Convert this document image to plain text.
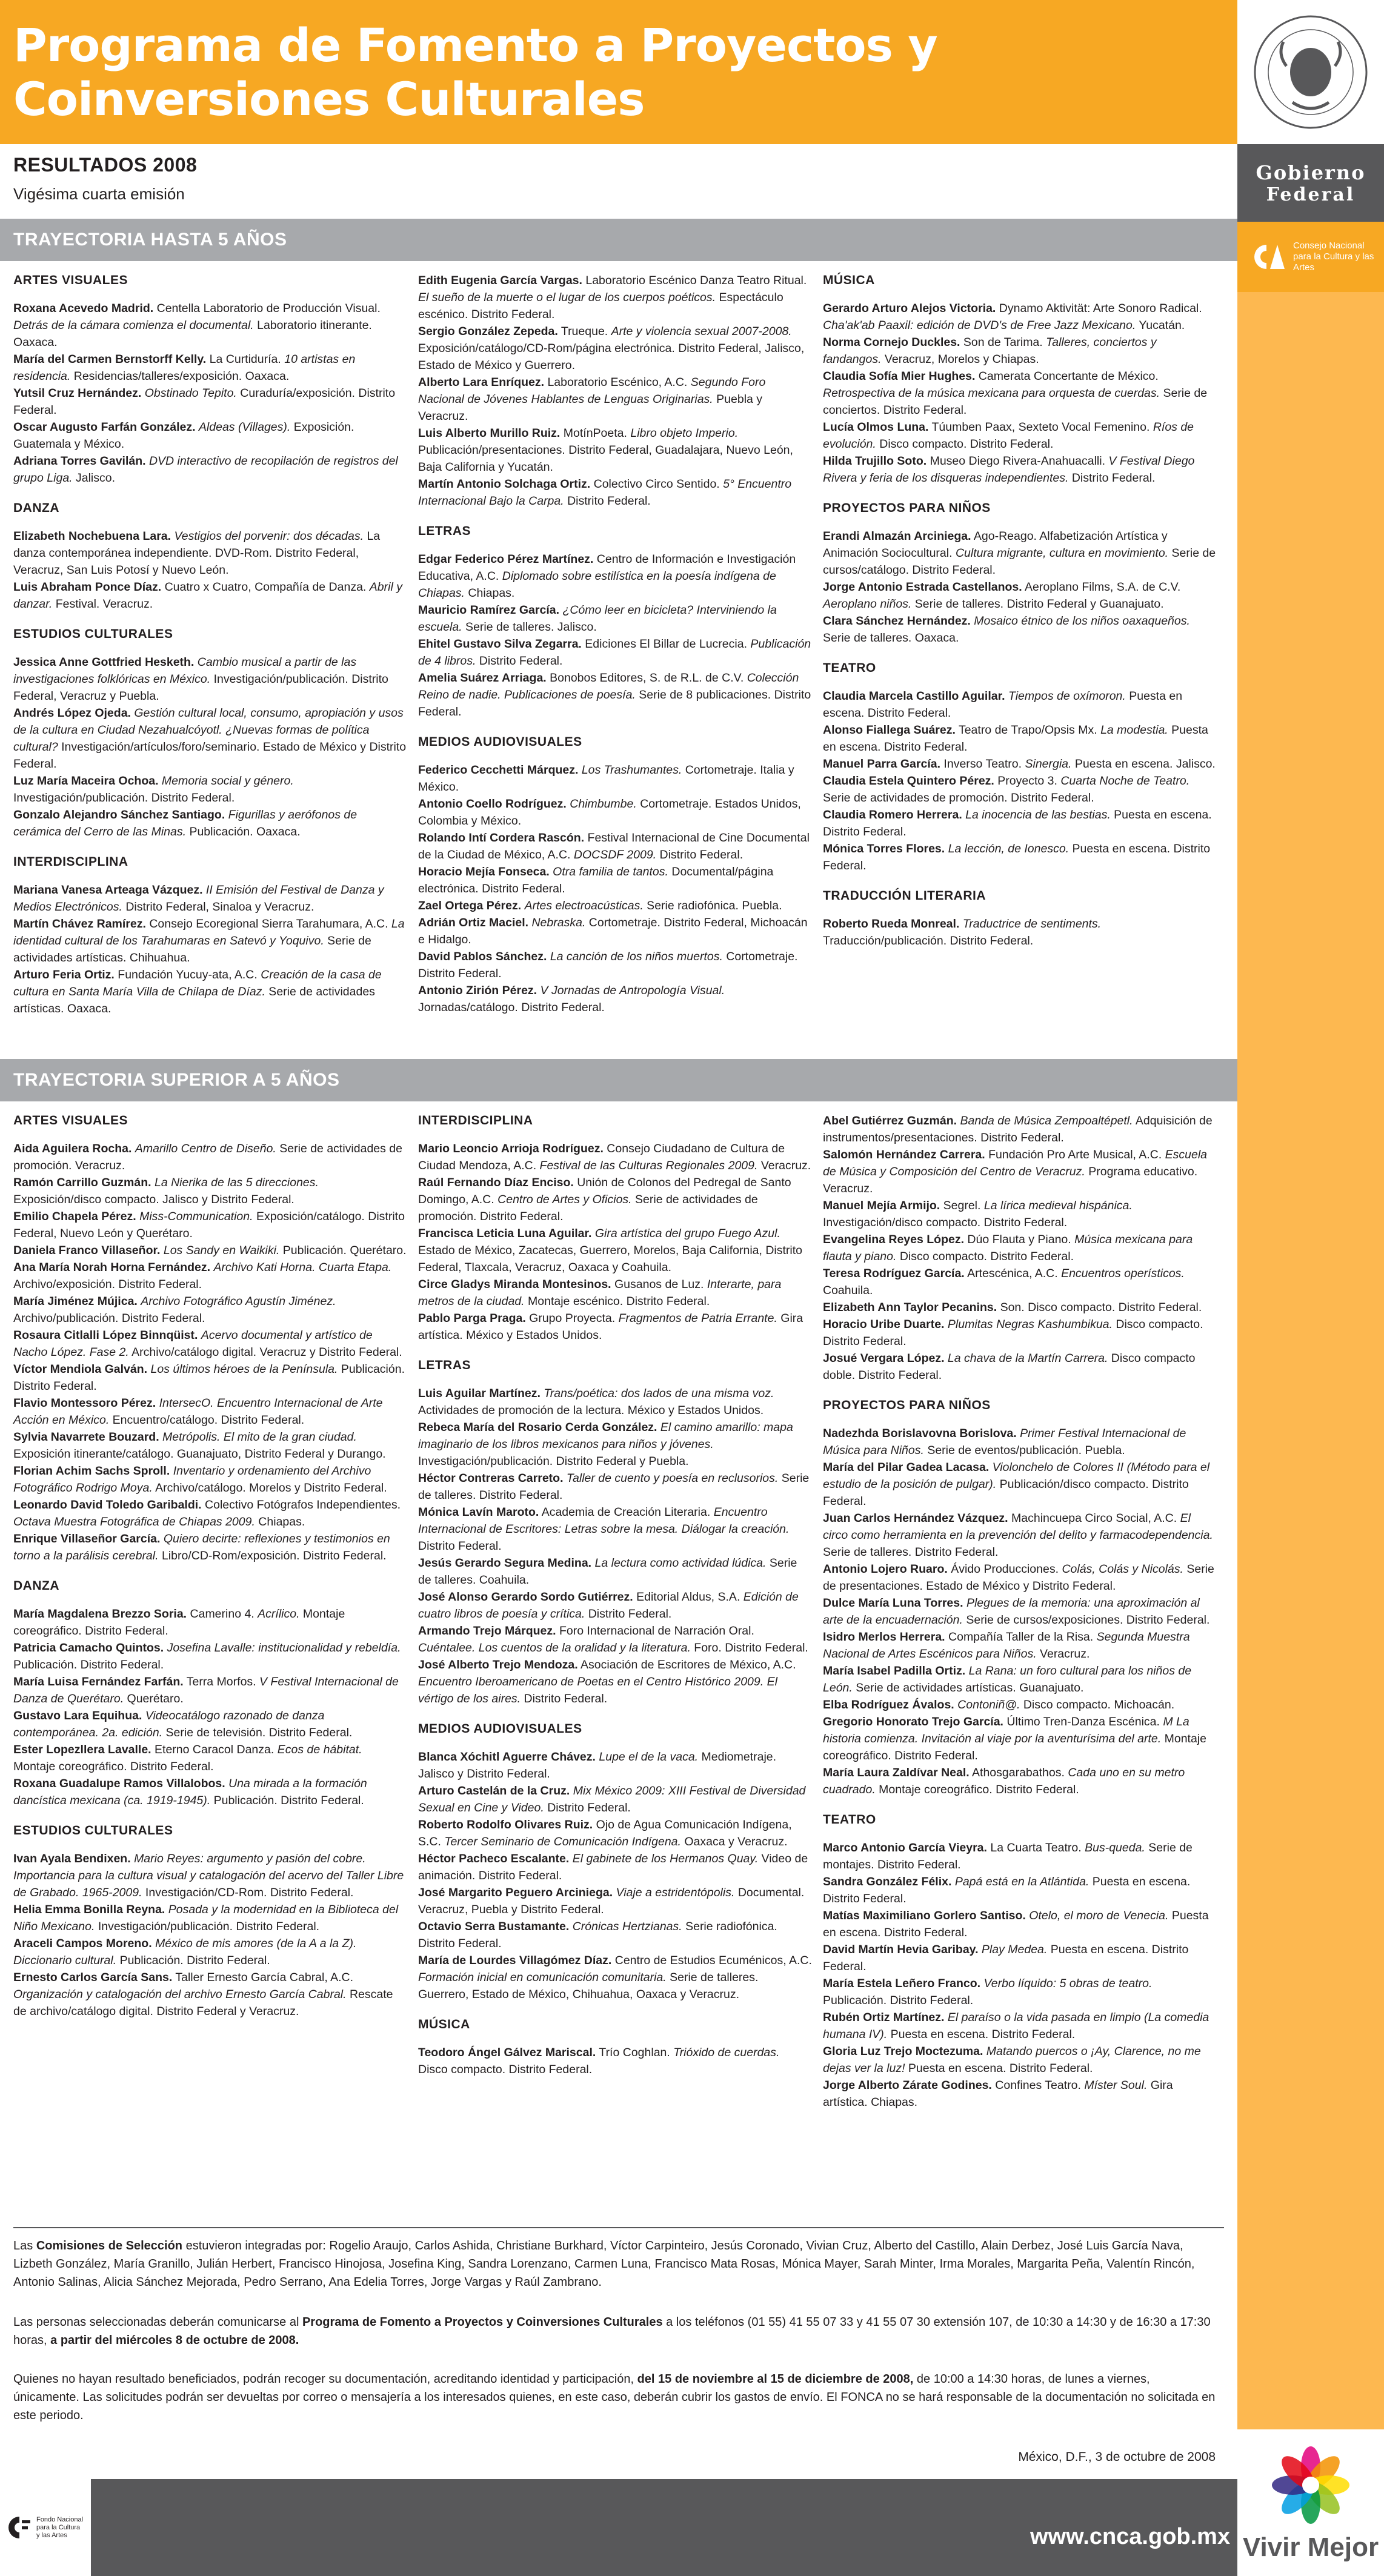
Programa de Fomento a Proyectos y Coinversiones Culturales
Gobierno
Federal
Consejo Nacional para la Cultura y las Artes
RESULTADOS 2008
Vigésima cuarta emisión
TRAYECTORIA HASTA 5 AÑOS
ARTES VISUALES

Roxana Acevedo Madrid. Centella Laboratorio de Producción Visual. Detrás de la cámara comienza el documental. Laboratorio itinerante. Oaxaca.

María del Carmen Bernstorff Kelly. La Curtiduría. 10 artistas en residencia. Residencias/talleres/exposición. Oaxaca.

Yutsil Cruz Hernández. Obstinado Tepito. Curaduría/exposición. Distrito Federal.

Oscar Augusto Farfán González. Aldeas (Villages). Exposición. Guatemala y México.

Adriana Torres Gavilán. DVD interactivo de recopilación de registros del grupo Liga. Jalisco.

DANZA

Elizabeth Nochebuena Lara. Vestigios del porvenir: dos décadas. La danza contemporánea independiente. DVD-Rom. Distrito Federal, Veracruz, San Luis Potosí y Nuevo León.

Luis Abraham Ponce Díaz. Cuatro x Cuatro, Compañía de Danza. Abril y danzar. Festival. Veracruz.

ESTUDIOS CULTURALES

Jessica Anne Gottfried Hesketh. Cambio musical a partir de las investigaciones folklóricas en México. Investigación/publicación. Distrito Federal, Veracruz y Puebla.

Andrés López Ojeda. Gestión cultural local, consumo, apropiación y usos de la cultura en Ciudad Nezahualcóyotl. ¿Nuevas formas de política cultural? Investigación/artículos/foro/seminario. Estado de México y Distrito Federal.

Luz María Maceira Ochoa. Memoria social y género. Investigación/publicación. Distrito Federal.

Gonzalo Alejandro Sánchez Santiago. Figurillas y aerófonos de cerámica del Cerro de las Minas. Publicación. Oaxaca.

INTERDISCIPLINA

Mariana Vanesa Arteaga Vázquez. II Emisión del Festival de Danza y Medios Electrónicos. Distrito Federal, Sinaloa y Veracruz.

Martín Chávez Ramírez. Consejo Ecoregional Sierra Tarahumara, A.C. La identidad cultural de los Tarahumaras en Satevó y Yoquivo. Serie de actividades artísticas. Chihuahua.

Arturo Feria Ortiz. Fundación Yucuy-ata, A.C. Creación de la casa de cultura en Santa María Villa de Chilapa de Díaz. Serie de actividades artísticas. Oaxaca.

Edith Eugenia García Vargas. Laboratorio Escénico Danza Teatro Ritual. El sueño de la muerte o el lugar de los cuerpos poéticos. Espectáculo escénico. Distrito Federal.

Sergio González Zepeda. Trueque. Arte y violencia sexual 2007-2008. Exposición/catálogo/CD-Rom/página electrónica. Distrito Federal, Jalisco, Estado de México y Guerrero.

Alberto Lara Enríquez. Laboratorio Escénico, A.C. Segundo Foro Nacional de Jóvenes Hablantes de Lenguas Originarias. Puebla y Veracruz.

Luis Alberto Murillo Ruiz. MotínPoeta. Libro objeto Imperio. Publicación/presentaciones. Distrito Federal, Guadalajara, Nuevo León, Baja California y Yucatán.

Martín Antonio Solchaga Ortiz. Colectivo Circo Sentido. 5° Encuentro Internacional Bajo la Carpa. Distrito Federal.

LETRAS

Edgar Federico Pérez Martínez. Centro de Información e Investigación Educativa, A.C. Diplomado sobre estilística en la poesía indígena de Chiapas. Chiapas.

Mauricio Ramírez García. ¿Cómo leer en bicicleta? Interviniendo la escuela. Serie de talleres. Jalisco.

Ehitel Gustavo Silva Zegarra. Ediciones El Billar de Lucrecia. Publicación de 4 libros. Distrito Federal.

Amelia Suárez Arriaga. Bonobos Editores, S. de R.L. de C.V. Colección Reino de nadie. Publicaciones de poesía. Serie de 8 publicaciones. Distrito Federal.

MEDIOS AUDIOVISUALES

Federico Cecchetti Márquez. Los Trashumantes. Cortometraje. Italia y México.

Antonio Coello Rodríguez. Chimbumbe. Cortometraje. Estados Unidos, Colombia y México.

Rolando Intí Cordera Rascón. Festival Internacional de Cine Documental de la Ciudad de México, A.C. DOCSDF 2009. Distrito Federal.

Horacio Mejía Fonseca. Otra familia de tantos. Documental/página electrónica. Distrito Federal.

Zael Ortega Pérez. Artes electroacústicas. Serie radiofónica. Puebla.

Adrián Ortiz Maciel. Nebraska. Cortometraje. Distrito Federal, Michoacán e Hidalgo.

David Pablos Sánchez. La canción de los niños muertos. Cortometraje. Distrito Federal.

Antonio Zirión Pérez. V Jornadas de Antropología Visual. Jornadas/catálogo. Distrito Federal.

MÚSICA

Gerardo Arturo Alejos Victoria. Dynamo Aktivität: Arte Sonoro Radical. Cha'ak'ab Paaxil: edición de DVD's de Free Jazz Mexicano. Yucatán.

Norma Cornejo Duckles. Son de Tarima. Talleres, conciertos y fandangos. Veracruz, Morelos y Chiapas.

Claudia Sofía Mier Hughes. Camerata Concertante de México. Retrospectiva de la música mexicana para orquesta de cuerdas. Serie de conciertos. Distrito Federal.

Lucía Olmos Luna. Túumben Paax, Sexteto Vocal Femenino. Ríos de evolución. Disco compacto. Distrito Federal.

Hilda Trujillo Soto. Museo Diego Rivera-Anahuacalli. V Festival Diego Rivera y feria de los disqueras independientes. Distrito Federal.

PROYECTOS PARA NIÑOS

Erandi Almazán Arciniega. Ago-Reago. Alfabetización Artística y Animación Sociocultural. Cultura migrante, cultura en movimiento. Serie de cursos/catálogo. Distrito Federal.

Jorge Antonio Estrada Castellanos. Aeroplano Films, S.A. de C.V. Aeroplano niños. Serie de talleres. Distrito Federal y Guanajuato.

Clara Sánchez Hernández. Mosaico étnico de los niños oaxaqueños. Serie de talleres. Oaxaca.

TEATRO

Claudia Marcela Castillo Aguilar. Tiempos de oxímoron. Puesta en escena. Distrito Federal.

Alonso Fiallega Suárez. Teatro de Trapo/Opsis Mx. La modestia. Puesta en escena. Distrito Federal.

Manuel Parra García. Inverso Teatro. Sinergia. Puesta en escena. Jalisco.

Claudia Estela Quintero Pérez. Proyecto 3. Cuarta Noche de Teatro. Serie de actividades de promoción. Distrito Federal.

Claudia Romero Herrera. La inocencia de las bestias. Puesta en escena. Distrito Federal.

Mónica Torres Flores. La lección, de Ionesco. Puesta en escena. Distrito Federal.

TRADUCCIÓN LITERARIA

Roberto Rueda Monreal. Traductrice de sentiments. Traducción/publicación. Distrito Federal.

TRAYECTORIA SUPERIOR A 5 AÑOS
ARTES VISUALES

Aida Aguilera Rocha. Amarillo Centro de Diseño. Serie de actividades de promoción. Veracruz.

Ramón Carrillo Guzmán. La Nierika de las 5 direcciones. Exposición/disco compacto. Jalisco y Distrito Federal.

Emilio Chapela Pérez. Miss-Communication. Exposición/catálogo. Distrito Federal, Nuevo León y Querétaro.

Daniela Franco Villaseñor. Los Sandy en Waikiki. Publicación. Querétaro.

Ana María Norah Horna Fernández. Archivo Kati Horna. Cuarta Etapa. Archivo/exposición. Distrito Federal.

María Jiménez Mújica. Archivo Fotográfico Agustín Jiménez. Archivo/publicación. Distrito Federal.

Rosaura Citlalli López Binnqüist. Acervo documental y artístico de Nacho López. Fase 2. Archivo/catálogo digital. Veracruz y Distrito Federal.

Víctor Mendiola Galván. Los últimos héroes de la Península. Publicación. Distrito Federal.

Flavio Montessoro Pérez. IntersecO. Encuentro Internacional de Arte Acción en México. Encuentro/catálogo. Distrito Federal.

Sylvia Navarrete Bouzard. Metrópolis. El mito de la gran ciudad. Exposición itinerante/catálogo. Guanajuato, Distrito Federal y Durango.

Florian Achim Sachs Sproll. Inventario y ordenamiento del Archivo Fotográfico Rodrigo Moya. Archivo/catálogo. Morelos y Distrito Federal.

Leonardo David Toledo Garibaldi. Colectivo Fotógrafos Independientes. Octava Muestra Fotográfica de Chiapas 2009. Chiapas.

Enrique Villaseñor García. Quiero decirte: reflexiones y testimonios en torno a la parálisis cerebral. Libro/CD-Rom/exposición. Distrito Federal.

DANZA

María Magdalena Brezzo Soria. Camerino 4. Acrílico. Montaje coreográfico. Distrito Federal.

Patricia Camacho Quintos. Josefina Lavalle: institucionalidad y rebeldía. Publicación. Distrito Federal.

María Luisa Fernández Farfán. Terra Morfos. V Festival Internacional de Danza de Querétaro. Querétaro.

Gustavo Lara Equihua. Videocatálogo razonado de danza contemporánea. 2a. edición. Serie de televisión. Distrito Federal.

Ester Lopezllera Lavalle. Eterno Caracol Danza. Ecos de hábitat. Montaje coreográfico. Distrito Federal.

Roxana Guadalupe Ramos Villalobos. Una mirada a la formación dancística mexicana (ca. 1919-1945). Publicación. Distrito Federal.

ESTUDIOS CULTURALES

Ivan Ayala Bendixen. Mario Reyes: argumento y pasión del cobre. Importancia para la cultura visual y catalogación del acervo del Taller Libre de Grabado. 1965-2009. Investigación/CD-Rom. Distrito Federal.

Helia Emma Bonilla Reyna. Posada y la modernidad en la Biblioteca del Niño Mexicano. Investigación/publicación. Distrito Federal.

Araceli Campos Moreno. México de mis amores (de la A a la Z). Diccionario cultural. Publicación. Distrito Federal.

Ernesto Carlos García Sans. Taller Ernesto García Cabral, A.C. Organización y catalogación del archivo Ernesto García Cabral. Rescate de archivo/catálogo digital. Distrito Federal y Veracruz.

INTERDISCIPLINA

Mario Leoncio Arrioja Rodríguez. Consejo Ciudadano de Cultura de Ciudad Mendoza, A.C. Festival de las Culturas Regionales 2009. Veracruz.

Raúl Fernando Díaz Enciso. Unión de Colonos del Pedregal de Santo Domingo, A.C. Centro de Artes y Oficios. Serie de actividades de promoción. Distrito Federal.

Francisca Leticia Luna Aguilar. Gira artística del grupo Fuego Azul. Estado de México, Zacatecas, Guerrero, Morelos, Baja California, Distrito Federal, Tlaxcala, Veracruz, Oaxaca y Coahuila.

Circe Gladys Miranda Montesinos. Gusanos de Luz. Interarte, para metros de la ciudad. Montaje escénico. Distrito Federal.

Pablo Parga Praga. Grupo Proyecta. Fragmentos de Patria Errante. Gira artística. México y Estados Unidos.

LETRAS

Luis Aguilar Martínez. Trans/poética: dos lados de una misma voz. Actividades de promoción de la lectura. México y Estados Unidos.

Rebeca María del Rosario Cerda González. El camino amarillo: mapa imaginario de los libros mexicanos para niños y jóvenes. Investigación/publicación. Distrito Federal y Puebla.

Héctor Contreras Carreto. Taller de cuento y poesía en reclusorios. Serie de talleres. Distrito Federal.

Mónica Lavín Maroto. Academia de Creación Literaria. Encuentro Internacional de Escritores: Letras sobre la mesa. Diálogar la creación. Distrito Federal.

Jesús Gerardo Segura Medina. La lectura como actividad lúdica. Serie de talleres. Coahuila.

José Alonso Gerardo Sordo Gutiérrez. Editorial Aldus, S.A. Edición de cuatro libros de poesía y crítica. Distrito Federal.

Armando Trejo Márquez. Foro Internacional de Narración Oral. Cuéntalee. Los cuentos de la oralidad y la literatura. Foro. Distrito Federal.

José Alberto Trejo Mendoza. Asociación de Escritores de México, A.C. Encuentro Iberoamericano de Poetas en el Centro Histórico 2009. El vértigo de los aires. Distrito Federal.

MEDIOS AUDIOVISUALES

Blanca Xóchitl Aguerre Chávez. Lupe el de la vaca. Mediometraje. Jalisco y Distrito Federal.

Arturo Castelán de la Cruz. Mix México 2009: XIII Festival de Diversidad Sexual en Cine y Video. Distrito Federal.

Roberto Rodolfo Olivares Ruiz. Ojo de Agua Comunicación Indígena, S.C. Tercer Seminario de Comunicación Indígena. Oaxaca y Veracruz.

Héctor Pacheco Escalante. El gabinete de los Hermanos Quay. Video de animación. Distrito Federal.

José Margarito Peguero Arciniega. Viaje a estridentópolis. Documental. Veracruz, Puebla y Distrito Federal.

Octavio Serra Bustamante. Crónicas Hertzianas. Serie radiofónica. Distrito Federal.

María de Lourdes Villagómez Díaz. Centro de Estudios Ecuménicos, A.C. Formación inicial en comunicación comunitaria. Serie de talleres. Guerrero, Estado de México, Chihuahua, Oaxaca y Veracruz.

MÚSICA

Teodoro Ángel Gálvez Mariscal. Trío Coghlan. Trióxido de cuerdas. Disco compacto. Distrito Federal.

Abel Gutiérrez Guzmán. Banda de Música Zempoaltépetl. Adquisición de instrumentos/presentaciones. Distrito Federal.

Salomón Hernández Carrera. Fundación Pro Arte Musical, A.C. Escuela de Música y Composición del Centro de Veracruz. Programa educativo. Veracruz.

Manuel Mejía Armijo. Segrel. La lírica medieval hispánica. Investigación/disco compacto. Distrito Federal.

Evangelina Reyes López. Dúo Flauta y Piano. Música mexicana para flauta y piano. Disco compacto. Distrito Federal.

Teresa Rodríguez García. Artescénica, A.C. Encuentros operísticos. Coahuila.

Elizabeth Ann Taylor Pecanins. Son. Disco compacto. Distrito Federal.

Horacio Uribe Duarte. Plumitas Negras Kashumbikua. Disco compacto. Distrito Federal.

Josué Vergara López. La chava de la Martín Carrera. Disco compacto doble. Distrito Federal.

PROYECTOS PARA NIÑOS

Nadezhda Borislavovna Borislova. Primer Festival Internacional de Música para Niños. Serie de eventos/publicación. Puebla.

María del Pilar Gadea Lacasa. Violonchelo de Colores II (Método para el estudio de la posición de pulgar). Publicación/disco compacto. Distrito Federal.

Juan Carlos Hernández Vázquez. Machincuepa Circo Social, A.C. El circo como herramienta en la prevención del delito y farmacodependencia. Serie de talleres. Distrito Federal.

Antonio Lojero Ruaro. Ávido Producciones. Colás, Colás y Nicolás. Serie de presentaciones. Estado de México y Distrito Federal.

Dulce María Luna Torres. Plegues de la memoria: una aproximación al arte de la encuadernación. Serie de cursos/exposiciones. Distrito Federal.

Isidro Merlos Herrera. Compañía Taller de la Risa. Segunda Muestra Nacional de Artes Escénicos para Niños. Veracruz.

María Isabel Padilla Ortiz. La Rana: un foro cultural para los niños de León. Serie de actividades artísticas. Guanajuato.

Elba Rodríguez Ávalos. Contoniñ@. Disco compacto. Michoacán.

Gregorio Honorato Trejo García. Último Tren-Danza Escénica. M La historia comienza. Invitación al viaje por la aventurísima del arte. Montaje coreográfico. Distrito Federal.

María Laura Zaldívar Neal. Athosgarabathos. Cada uno en su metro cuadrado. Montaje coreográfico. Distrito Federal.

TEATRO

Marco Antonio García Vieyra. La Cuarta Teatro. Bus-queda. Serie de montajes. Distrito Federal.

Sandra González Félix. Papá está en la Atlántida. Puesta en escena. Distrito Federal.

Matías Maximiliano Gorlero Santiso. Otelo, el moro de Venecia. Puesta en escena. Distrito Federal.

David Martín Hevia Garibay. Play Medea. Puesta en escena. Distrito Federal.

María Estela Leñero Franco. Verbo líquido: 5 obras de teatro. Publicación. Distrito Federal.

Rubén Ortiz Martínez. El paraíso o la vida pasada en limpio (La comedia humana IV). Puesta en escena. Distrito Federal.

Gloria Luz Trejo Moctezuma. Matando puercos o ¡Ay, Clarence, no me dejas ver la luz! Puesta en escena. Distrito Federal.

Jorge Alberto Zárate Godines. Confines Teatro. Míster Soul. Gira artística. Chiapas.

Las Comisiones de Selección estuvieron integradas por: Rogelio Araujo, Carlos Ashida, Christiane Burkhard, Víctor Carpinteiro, Jesús Coronado, Vivian Cruz, Alberto del Castillo, Alain Derbez, José Luis García Nava, Lizbeth González, María Granillo, Julián Herbert, Francisco Hinojosa, Josefina King, Sandra Lorenzano, Carmen Luna, Francisco Mata Rosas, Mónica Mayer, Sarah Minter, Irma Morales, Margarita Peña, Valentín Rincón, Antonio Salinas, Alicia Sánchez Mejorada, Pedro Serrano, Ana Edelia Torres, Jorge Vargas y Raúl Zambrano.
Las personas seleccionadas deberán comunicarse al Programa de Fomento a Proyectos y Coinversiones Culturales a los teléfonos (01 55) 41 55 07 33 y 41 55 07 30 extensión 107, de 10:30 a 14:30 y de 16:30 a 17:30 horas, a partir del miércoles 8 de octubre de 2008.
Quienes no hayan resultado beneficiados, podrán recoger su documentación, acreditando identidad y participación, del 15 de noviembre al 15 de diciembre de 2008, de 10:00 a 14:30 horas, de lunes a viernes, únicamente. Las solicitudes podrán ser devueltas por correo o mensajería a los interesados quienes, en este caso, deberán cubrir los gastos de envío. El FONCA no se hará responsable de la documentación no solicitada en este periodo.
México, D.F., 3 de octubre de 2008
Fondo Nacional para la Cultura y las Artes	www.cnca.gob.mx Vivir Mejor
